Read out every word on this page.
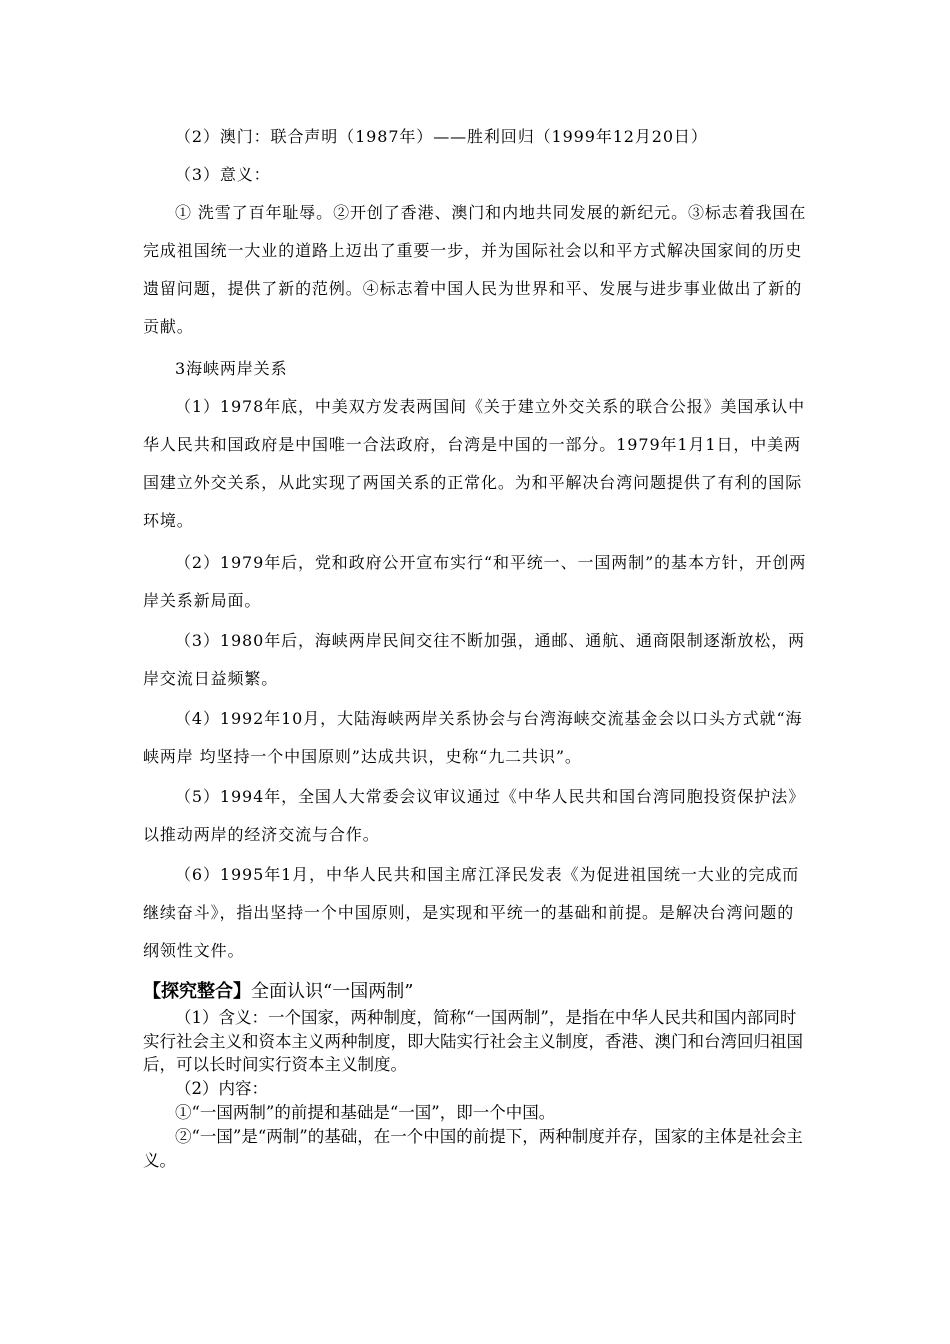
（2）澳门：联合声明（1987年）——胜利回归（1999年12月20日）

（3）意义：

① 洗雪了百年耻辱。②开创了香港、澳门和内地共同发展的新纪元。③标志着我国在完成祖国统一大业的道路上迈出了重要一步，并为国际社会以和平方式解决国家间的历史遗留问题，提供了新的范例。④标志着中国人民为世界和平、发展与进步事业做出了新的贡献。

3海峡两岸关系

（1）1978年底，中美双方发表两国间《关于建立外交关系的联合公报》美国承认中华人民共和国政府是中国唯一合法政府，台湾是中国的一部分。1979年1月1日，中美两国建立外交关系，从此实现了两国关系的正常化。为和平解决台湾问题提供了有利的国际环境。

（2）1979年后，党和政府公开宣布实行“和平统一、一国两制”的基本方针，开创两岸关系新局面。

（3）1980年后，海峡两岸民间交往不断加强，通邮、通航、通商限制逐渐放松，两岸交流日益频繁。

（4）1992年10月，大陆海峡两岸关系协会与台湾海峡交流基金会以口头方式就“海峡两岸 均坚持一个中国原则”达成共识，史称“九二共识”。

（5）1994年，全国人大常委会议审议通过《中华人民共和国台湾同胞投资保护法》以推动两岸的经济交流与合作。

（6）1995年1月，中华人民共和国主席江泽民发表《为促进祖国统一大业的完成而继续奋斗》，指出坚持一个中国原则，是实现和平统一的基础和前提。是解决台湾问题的纲领性文件。

【探究整合】全面认识“一国两制”

（1）含义：一个国家，两种制度，简称“一国两制”，是指在中华人民共和国内部同时实行社会主义和资本主义两种制度，即大陆实行社会主义制度，香港、澳门和台湾回归祖国后，可以长时间实行资本主义制度。

（2）内容：

①“一国两制”的前提和基础是“一国”，即一个中国。

②“一国”是“两制”的基础，在一个中国的前提下，两种制度并存，国家的主体是社会主义。
